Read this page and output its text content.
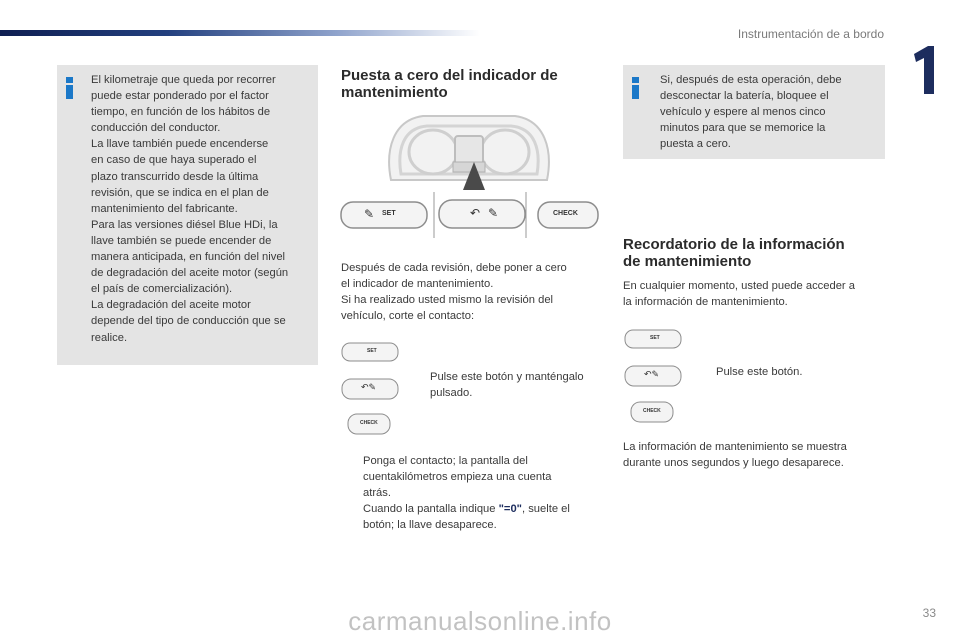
Instrumentación de a bordo
1
El kilometraje que queda por recorrer
puede estar ponderado por el factor
tiempo, en función de los hábitos de
conducción del conductor.
La llave también puede encenderse
en caso de que haya superado el
plazo transcurrido desde la última
revisión, que se indica en el plan de
mantenimiento del fabricante.
Para las versiones diésel Blue HDi, la
llave también se puede encender de
manera anticipada, en función del nivel
de degradación del aceite motor (según
el país de comercialización).
La degradación del aceite motor
depende del tipo de conducción que se
realice.
Puesta a cero del indicador de
mantenimiento
SET
✎	↶ ✎	CHECK

Después de cada revisión, debe poner a cero
el indicador de mantenimiento.
Si ha realizado usted mismo la revisión del
vehículo, corte el contacto:

SET
↶✎
CHECK
Pulse este botón y manténgalo
pulsado.
Ponga el contacto; la pantalla del
cuentakilómetros empieza una cuenta
atrás.
Cuando la pantalla indique "=0", suelte el
botón; la llave desaparece.
Si, después de esta operación, debe
desconectar la batería, bloquee el
vehículo y espere al menos cinco
minutos para que se memorice la
puesta a cero.
Recordatorio de la información
de mantenimiento

En cualquier momento, usted puede acceder a
la información de mantenimiento.

SET
↶✎
CHECK
Pulse este botón.

La información de mantenimiento se muestra
durante unos segundos y luego desaparece.

carmanualsonline.info	33
